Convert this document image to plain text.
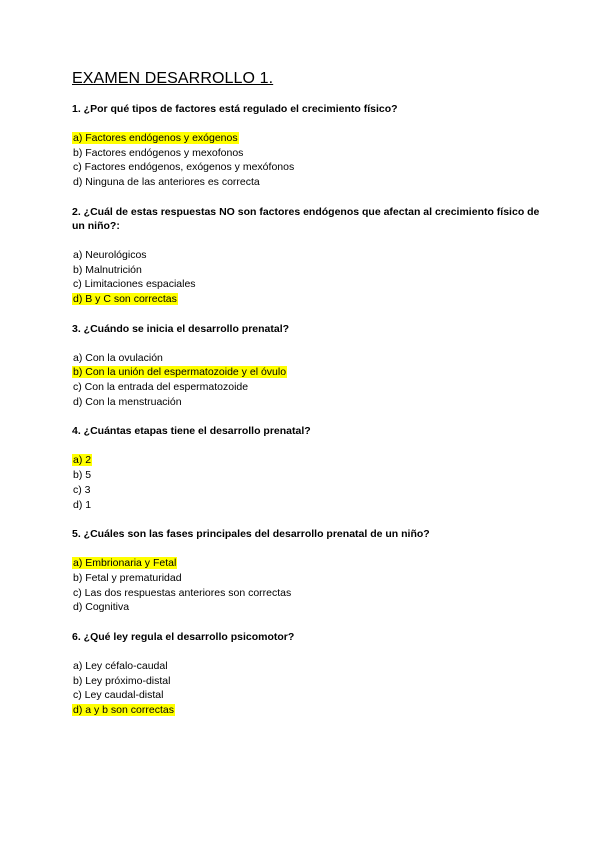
EXAMEN DESARROLLO 1.
1. ¿Por qué tipos de factores está regulado el crecimiento físico?
a) Factores endógenos y exógenos
b) Factores endógenos y mexofonos
c) Factores endógenos, exógenos y mexófonos
d) Ninguna de las anteriores es correcta
2. ¿Cuál de estas respuestas NO son factores endógenos que afectan al crecimiento físico de un niño?:
a) Neurológicos
b) Malnutrición
c) Limitaciones espaciales
d) B y C son correctas
3. ¿Cuándo se inicia el desarrollo prenatal?
a) Con la ovulación
b) Con la unión del espermatozoide y el óvulo
c) Con la entrada del espermatozoide
d) Con la menstruación
4. ¿Cuántas etapas tiene el desarrollo prenatal?
a) 2
b) 5
c) 3
d) 1
5. ¿Cuáles son las fases principales del desarrollo prenatal de un niño?
a) Embrionaria y Fetal
b) Fetal y prematuridad
c) Las dos respuestas anteriores son correctas
d) Cognitiva
6. ¿Qué ley regula el desarrollo psicomotor?
a) Ley céfalo-caudal
b) Ley próximo-distal
c) Ley caudal-distal
d) a y b son correctas
